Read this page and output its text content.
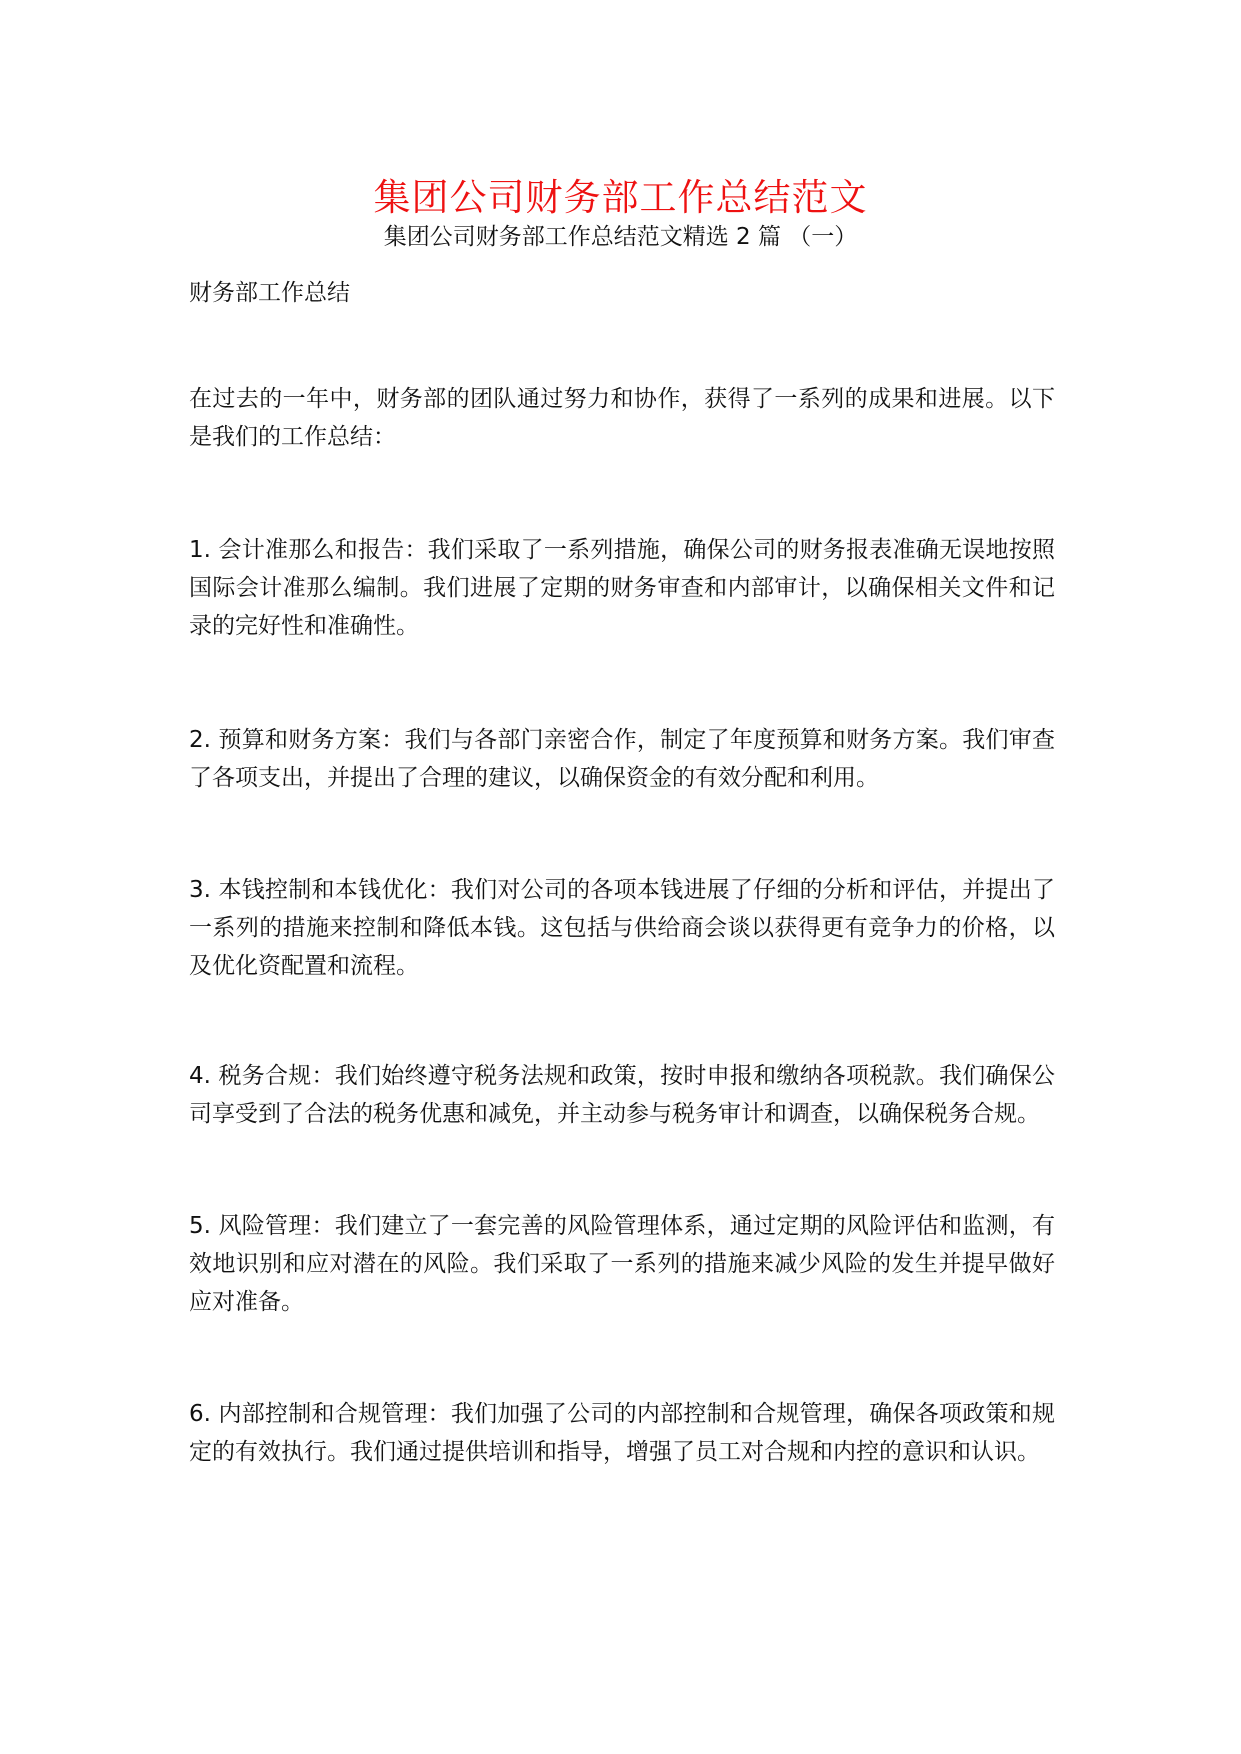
集团公司财务部工作总结范文
集团公司财务部工作总结范文精选 2 篇 （一）

财务部工作总结

在过去的一年中，财务部的团队通过努力和协作，获得了一系列的成果和进展。以下是我们的工作总结：

1. 会计准那么和报告：我们采取了一系列措施，确保公司的财务报表准确无误地按照国际会计准那么编制。我们进展了定期的财务审查和内部审计，以确保相关文件和记录的完好性和准确性。

2. 预算和财务方案：我们与各部门亲密合作，制定了年度预算和财务方案。我们审查了各项支出，并提出了合理的建议，以确保资金的有效分配和利用。

3. 本钱控制和本钱优化：我们对公司的各项本钱进展了仔细的分析和评估，并提出了一系列的措施来控制和降低本钱。这包括与供给商会谈以获得更有竞争力的价格，以及优化资配置和流程。

4. 税务合规：我们始终遵守税务法规和政策，按时申报和缴纳各项税款。我们确保公司享受到了合法的税务优惠和减免，并主动参与税务审计和调查，以确保税务合规。

5. 风险管理：我们建立了一套完善的风险管理体系，通过定期的风险评估和监测，有效地识别和应对潜在的风险。我们采取了一系列的措施来减少风险的发生并提早做好应对准备。

6. 内部控制和合规管理：我们加强了公司的内部控制和合规管理，确保各项政策和规定的有效执行。我们通过提供培训和指导，增强了员工对合规和内控的意识和认识。
